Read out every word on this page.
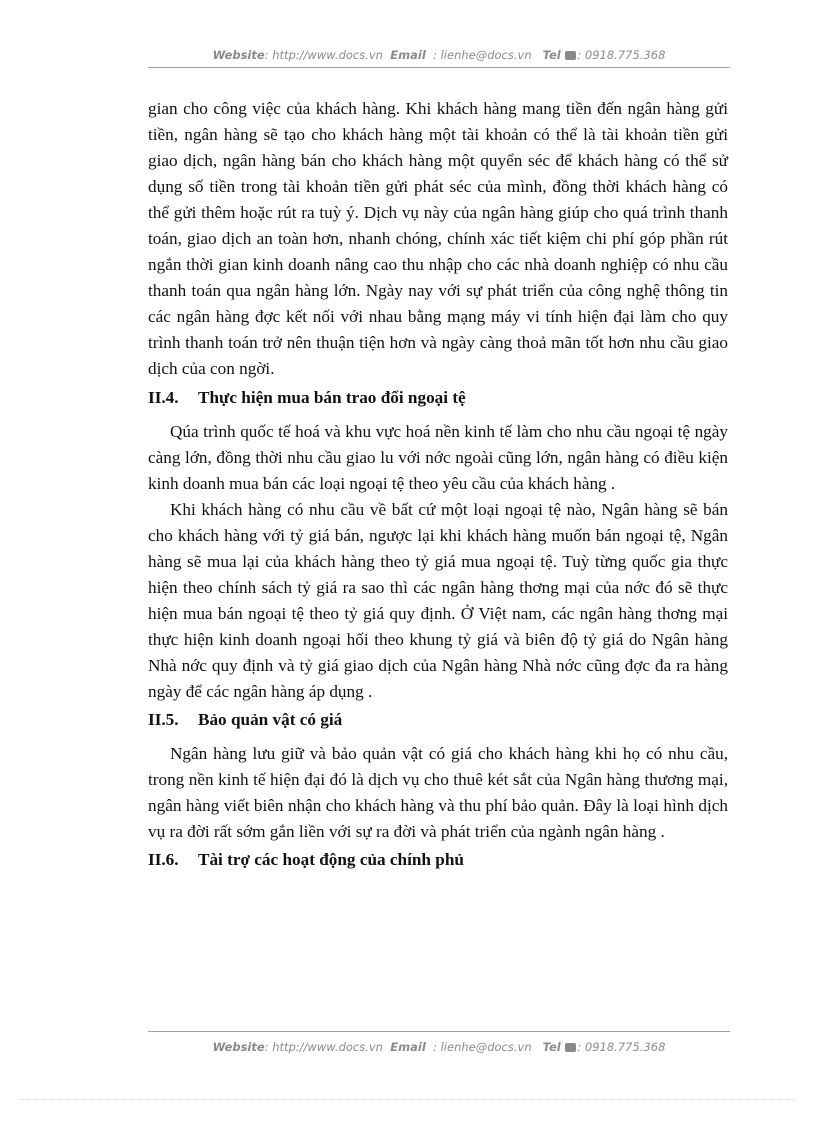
Website: http://www.docs.vn Email : lienhe@docs.vn Tel : 0918.775.368

gian cho công việc của khách hàng. Khi khách hàng mang tiền đến ngân hàng gửi tiền, ngân hàng sẽ tạo cho khách hàng một tài khoản có thể là tài khoản tiền gửi giao dịch, ngân hàng bán cho khách hàng một quyển séc để khách hàng có thể sử dụng số tiền trong tài khoản tiền gửi phát séc của mình, đồng thời khách hàng có thể gửi thêm hoặc rút ra tuỳ ý. Dịch vụ này của ngân hàng giúp cho quá trình thanh toán, giao dịch an toàn hơn, nhanh chóng, chính xác tiết kiệm chi phí góp phần rút ngắn thời gian kinh doanh nâng cao thu nhập cho các nhà doanh nghiệp có nhu cầu thanh toán qua ngân hàng lớn. Ngày nay với sự phát triển của công nghệ thông tin các ngân hàng đợc kết nối với nhau bằng mạng máy vi tính hiện đại làm cho quy trình thanh toán trở nên thuận tiện hơn và ngày càng thoả mãn tốt hơn nhu cầu giao dịch của con ngời.

II.4. Thực hiện mua bán trao đổi ngoại tệ

Qúa trình quốc tế hoá và khu vực hoá nền kinh tế làm cho nhu cầu ngoại tệ ngày càng lớn, đồng thời nhu cầu giao lu với nớc ngoài cũng lớn, ngân hàng có điều kiện kinh doanh mua bán các loại ngoại tệ theo yêu cầu của khách hàng .

Khi khách hàng có nhu cầu về bất cứ một loại ngoại tệ nào, Ngân hàng sẽ bán cho khách hàng với tỷ giá bán, ngược lại khi khách hàng muốn bán ngoại tệ, Ngân hàng sẽ mua lại của khách hàng theo tỷ giá mua ngoại tệ. Tuỳ từng quốc gia thực hiện theo chính sách tỷ giá ra sao thì các ngân hàng thơng mại của nớc đó sẽ thực hiện mua bán ngoại tệ theo tỷ giá quy định. Ở Việt nam, các ngân hàng thơng mại thực hiện kinh doanh ngoại hối theo khung tỷ giá và biên độ tỷ giá do Ngân hàng Nhà nớc quy định và tỷ giá giao dịch của Ngân hàng Nhà nớc cũng đợc đa ra hàng ngày để các ngân hàng áp dụng .

II.5. Bảo quản vật có giá

Ngân hàng lưu giữ và bảo quản vật có giá cho khách hàng khi họ có nhu cầu, trong nền kinh tế hiện đại đó là dịch vụ cho thuê két sắt của Ngân hàng thương mại, ngân hàng viết biên nhận cho khách hàng và thu phí bảo quản. Đây là loại hình dịch vụ ra đời rất sớm gắn liền với sự ra đời và phát triển của ngành ngân hàng .

II.6. Tài trợ các hoạt động của chính phủ
Website: http://www.docs.vn Email : lienhe@docs.vn Tel : 0918.775.368
